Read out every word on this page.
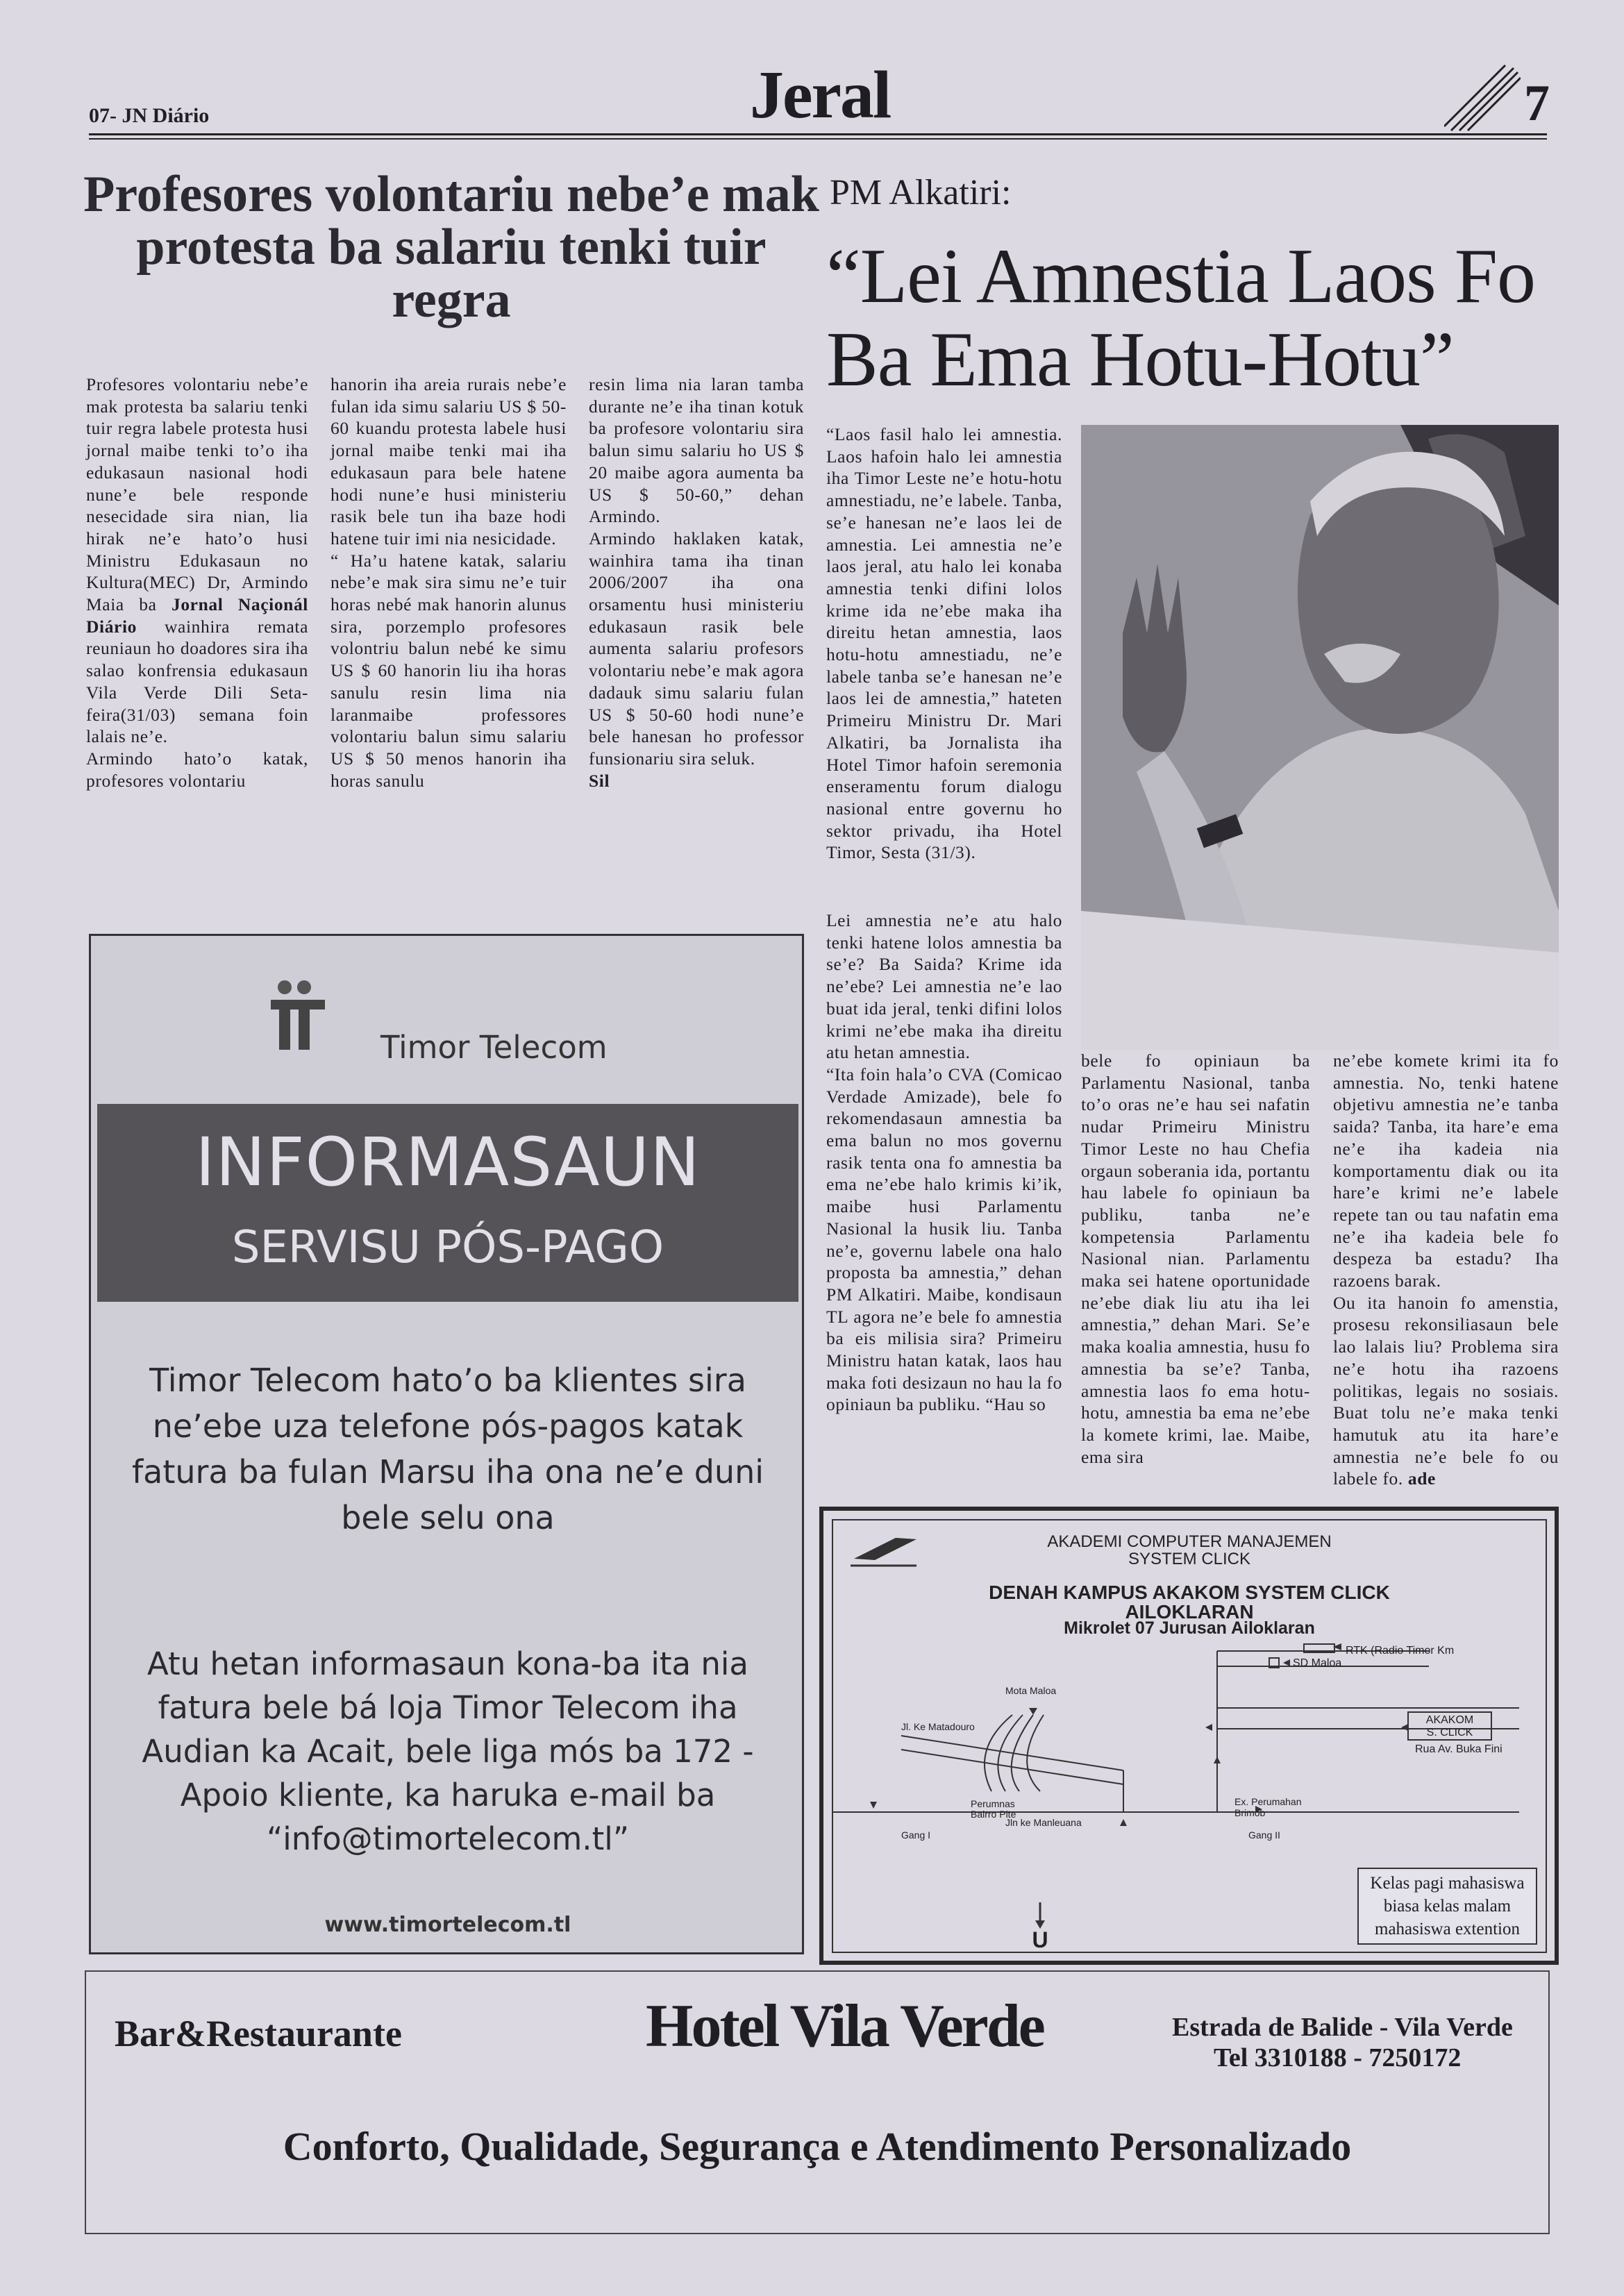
07- JN Diário	Jeral	7
Profesores volontariu nebe’e mak protesta ba salariu tenki tuir regra

Profesores volontariu nebe’e mak protesta ba salariu tenki tuir regra labele protesta husi jornal maibe tenki to’o iha edukasaun nasional hodi nune’e bele responde nesecidade sira nian, lia hirak ne’e hato’o husi Ministru Edukasaun no Kultura(MEC) Dr, Armindo Maia ba Jornal Naçionál Diário wainhira remata reuniaun ho doadores sira iha salao konfrensia edukasaun Vila Verde Dili Seta-feira(31/03) semana foin lalais ne’e.

Armindo hato’o katak, profesores volontariu

hanorin iha areia rurais nebe’e fulan ida simu salariu US $ 50-60 kuandu protesta labele husi jornal maibe tenki mai iha edukasaun para bele hatene hodi nune’e husi ministeriu rasik bele tun iha baze hodi hatene tuir imi nia nesicidade.

“ Ha’u hatene katak, salariu nebe’e mak sira simu ne’e tuir horas nebé mak hanorin alunus sira, porzemplo profesores volontriu balun nebé ke simu US $ 60 hanorin liu iha horas sanulu resin lima nia laranmaibe professores volontariu balun simu salariu US $ 50 menos hanorin iha horas sanulu

resin lima nia laran tamba durante ne’e iha tinan kotuk ba profesore volontariu sira balun simu salariu ho US $ 20 maibe agora aumenta ba US $ 50-60,” dehan Armindo.

Armindo haklaken katak, wainhira tama iha tinan 2006/2007 iha ona orsamentu husi ministeriu edukasaun rasik bele aumenta salariu profesors volontariu nebe’e mak agora dadauk simu salariu fulan US $ 50-60 hodi nune’e bele hanesan ho professor funsionariu sira seluk.

Sil

PM Alkatiri:
“Lei Amnestia Laos Fo Ba Ema Hotu-Hotu”

“Laos fasil halo lei amnestia. Laos hafoin halo lei amnestia iha Timor Leste ne’e hotu-hotu amnestiadu, ne’e labele. Tanba, se’e hanesan ne’e laos lei de amnestia. Lei amnestia ne’e laos jeral, atu halo lei konaba amnestia tenki difini lolos krime ida ne’ebe maka iha direitu hetan amnestia, laos hotu-hotu amnestiadu, ne’e labele tanba se’e hanesan ne’e laos lei de amnestia,” hateten Primeiru Ministru Dr. Mari Alkatiri, ba Jornalista iha Hotel Timor hafoin seremonia enseramentu forum dialogu nasional entre governu ho sektor privadu, iha Hotel Timor, Sesta (31/3).

Lei amnestia ne’e atu halo tenki hatene lolos amnestia ba se’e? Ba Saida? Krime ida ne’ebe? Lei amnestia ne’e lao buat ida jeral, tenki difini lolos krimi ne’ebe maka iha direitu atu hetan amnestia.

“Ita foin hala’o CVA (Comicao Verdade Amizade), bele fo rekomendasaun amnestia ba ema balun no mos governu rasik tenta ona fo amnestia ba ema ne’ebe halo krimis ki’ik, maibe husi Parlamentu Nasional la husik liu. Tanba ne’e, governu labele ona halo proposta ba amnestia,” dehan PM Alkatiri. Maibe, kondisaun TL agora ne’e bele fo amnestia ba eis milisia sira? Primeiru Ministru hatan katak, laos hau maka foti desizaun no hau la fo opiniaun ba publiku. “Hau so

bele fo opiniaun ba Parlamentu Nasional, tanba to’o oras ne’e hau sei nafatin nudar Primeiru Ministru Timor Leste no hau Chefia orgaun soberania ida, portantu hau labele fo opiniaun ba publiku, tanba ne’e kompetensia Parlamentu Nasional nian. Parlamentu maka sei hatene oportunidade ne’ebe diak liu atu iha lei amnestia,” dehan Mari. Se’e maka koalia amnestia, husu fo amnestia ba se’e? Tanba, amnestia laos fo ema hotu-hotu, amnestia ba ema ne’ebe la komete krimi, lae. Maibe, ema sira

ne’ebe komete krimi ita fo amnestia. No, tenki hatene objetivu amnestia ne’e tanba saida? Tanba, ita hare’e ema ne’e iha kadeia nia komportamentu diak ou ita hare’e krimi ne’e labele repete tan ou tau nafatin ema ne’e iha kadeia bele fo despeza ba estadu? Iha razoens barak.

Ou ita hanoin fo amenstia, prosesu rekonsiliasaun bele lao lalais liu? Problema sira ne’e hotu iha razoens politikas, legais no sosiais. Buat tolu ne’e maka tenki hamutuk atu ita hare’e amnestia ne’e bele fo ou labele fo. ade

Timor Telecom
INFORMASAUN
SERVISU PÓS-PAGO
Timor Telecom hato’o ba klientes sira ne’ebe uza telefone pós-pagos katak fatura ba fulan Marsu iha ona ne’e duni bele selu ona
Atu hetan informasaun kona-ba ita nia fatura bele bá loja Timor Telecom iha Audian ka Acait, bele liga mós ba 172 - Apoio kliente, ka haruka e-mail ba “info@timortelecom.tl”
www.timortelecom.tl
AKADEMI COMPUTER MANAJEMEN
SYSTEM CLICK
DENAH KAMPUS AKAKOM SYSTEM CLICK
AILOKLARAN
Mikrolet 07 Jurusan Ailoklaran
RTK (Radio Timor Km
SD Maloa
AKAKOM
S. CLICK
Rua Av. Buka Fini
Mota Maloa
Jl. Ke Matadouro
Perumnas
Bairro Pite
Jln ke Manleuana
Ex. Perumahan
Brimob
Gang I	Gang II
U
Kelas pagi mahasiswa
biasa kelas malam
mahasiswa extention
Bar&Restaurante	Hotel Vila Verde	Estrada de Balide - Vila Verde
Tel 3310188 - 7250172
Conforto, Qualidade, Segurança e Atendimento Personalizado
